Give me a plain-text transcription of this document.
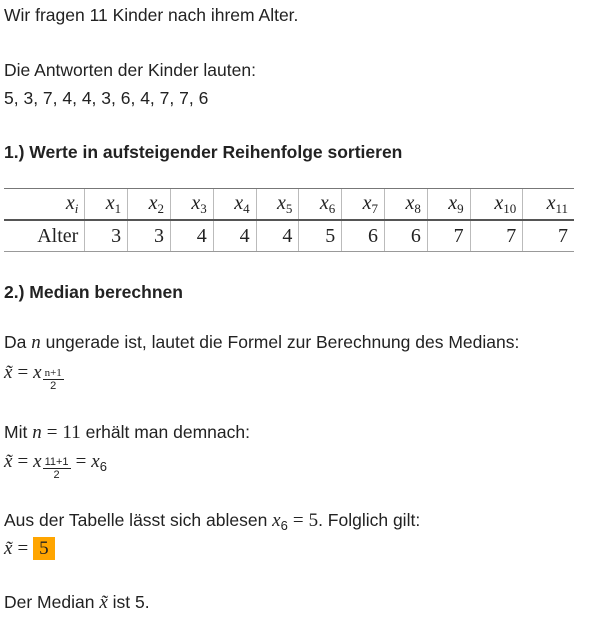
Wir fragen 11 Kinder nach ihrem Alter.
Die Antworten der Kinder lauten:
5, 3, 7, 4, 4, 3, 6, 4, 7, 7, 6
1.) Werte in aufsteigender Reihenfolge sortieren
$x_i$	$x_1$	$x_2$	$x_3$	$x_4$	$x_5$	$x_6$	$x_7$	$x_8$	$x_9$	$x_{10}$	$x_{11}$
Alter	3	3	4	4	4	5	6	6	7	7	7
2.) Median berechnen
Da n ungerade ist, lautet die Formel zur Berechnung des Medians:
x̃ = x $\frac{n+1}{2}$
Mit n = 11 erhält man demnach:
x̃ = x $\frac{11+1}{2} = x_6$
Aus der Tabelle lässt sich ablesen $x_6 = 5$. Folglich gilt:
x̃ = 5
Der Median x̃ ist 5.
